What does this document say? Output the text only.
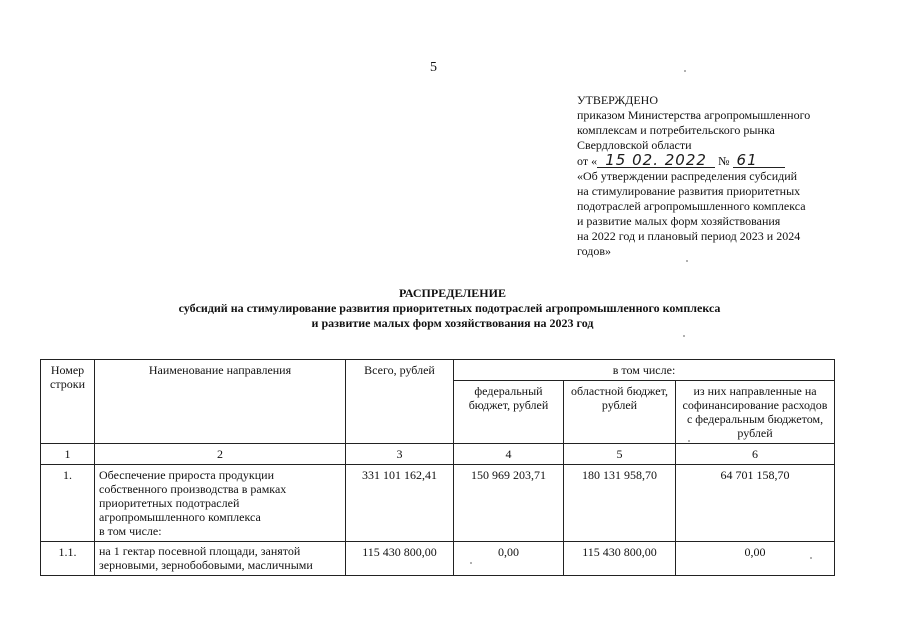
5
УТВЕРЖДЕНО
приказом Министерства агропромышленного
комплексам и потребительского рынка
Свердловской области
от « 15 02. 2022 № 61
«Об утверждении распределения субсидий
на стимулирование развития приоритетных
подотраслей агропромышленного комплекса
и развитие малых форм хозяйствования
на 2022 год и плановый период 2023 и 2024
годов»
РАСПРЕДЕЛЕНИЕ
субсидий на стимулирование развития приоритетных подотраслей агропромышленного комплекса
и развитие малых форм хозяйствования на 2023 год
Номер строки	Наименование направления	Всего, рублей	в том числе:		
			федеральный бюджет, рублей	областной бюджет, рублей	из них направленные на софинансирование расходов с федеральным бюджетом, рублей
1	2	3	4	5	6
1.	Обеспечение прироста продукции
собственного производства в рамках
приоритетных подотраслей
агропромышленного комплекса
в том числе:	331 101 162,41	150 969 203,71	180 131 958,70	64 701 158,70
1.1.	на 1 гектар посевной площади, занятой
зерновыми, зернобобовыми, масличными	115 430 800,00	0,00	115 430 800,00	0,00
